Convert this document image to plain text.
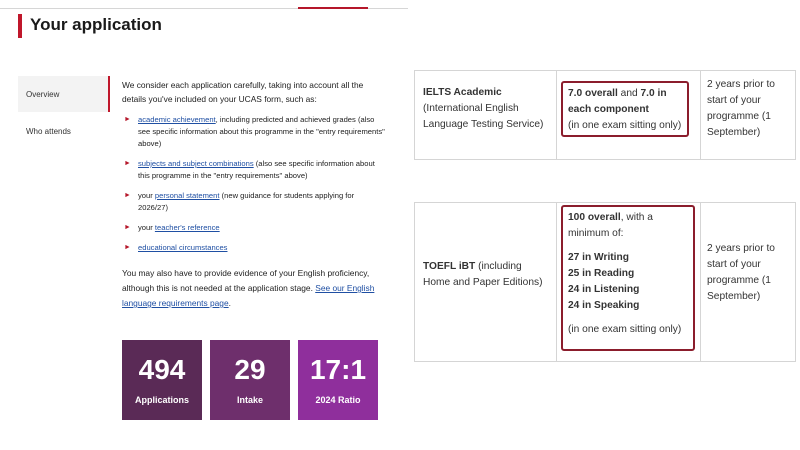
Your application
Overview
Who attends

We consider each application carefully, taking into account all the details you've included on your UCAS form, such as:

► academic achievement, including predicted and achieved grades (also see specific information about this programme in the "entry requirements" above)
► subjects and subject combinations (also see specific information about this programme in the "entry requirements" above)
► your personal statement (new guidance for students applying for 2026/27)
► your teacher's reference
► educational circumstances

You may also have to provide evidence of your English proficiency, although this is not needed at the application stage. See our English language requirements page.

494
Applications
29
Intake
17:1
2024 Ratio
IELTS Academic (International English Language Testing Service)
7.0 overall and 7.0 in each component
(in one exam sitting only)
2 years prior to start of your programme (1 September)
TOEFL iBT (including Home and Paper Editions)
100 overall, with a minimum of:
27 in Writing
25 in Reading
24 in Listening
24 in Speaking
(in one exam sitting only)
2 years prior to start of your programme (1 September)
